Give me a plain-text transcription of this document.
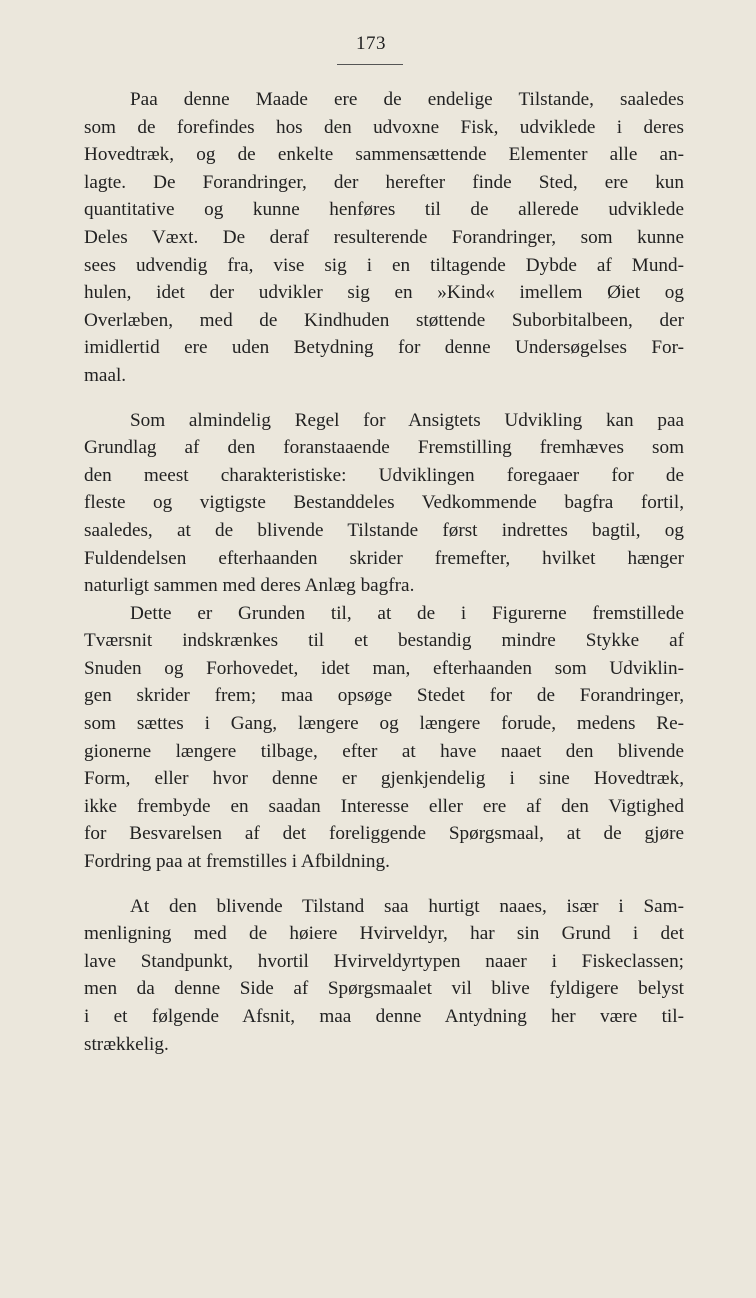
173
Paa denne Maade ere de endelige Tilstande, saaledes
som de forefindes hos den udvoxne Fisk, udviklede i deres
Hovedtræk, og de enkelte sammensættende Elementer alle an-
lagte. De Forandringer, der herefter finde Sted, ere kun
quantitative og kunne henføres til de allerede udviklede
Deles Væxt. De deraf resulterende Forandringer, som kunne
sees udvendig fra, vise sig i en tiltagende Dybde af Mund-
hulen, idet der udvikler sig en »Kind« imellem Øiet og
Overlæben, med de Kindhuden støttende Suborbitalbeen, der
imidlertid ere uden Betydning for denne Undersøgelses For-
maal.
Som almindelig Regel for Ansigtets Udvikling kan paa
Grundlag af den foranstaaende Fremstilling fremhæves som
den meest charakteristiske: Udviklingen foregaaer for de
fleste og vigtigste Bestanddeles Vedkommende bagfra fortil,
saaledes, at de blivende Tilstande først indrettes bagtil, og
Fuldendelsen efterhaanden skrider fremefter, hvilket hænger
naturligt sammen med deres Anlæg bagfra.
Dette er Grunden til, at de i Figurerne fremstillede
Tværsnit indskrænkes til et bestandig mindre Stykke af
Snuden og Forhovedet, idet man, efterhaanden som Udviklin-
gen skrider frem; maa opsøge Stedet for de Forandringer,
som sættes i Gang, længere og længere forude, medens Re-
gionerne længere tilbage, efter at have naaet den blivende
Form, eller hvor denne er gjenkjendelig i sine Hovedtræk,
ikke frembyde en saadan Interesse eller ere af den Vigtighed
for Besvarelsen af det foreliggende Spørgsmaal, at de gjøre
Fordring paa at fremstilles i Afbildning.
At den blivende Tilstand saa hurtigt naaes, især i Sam-
menligning med de høiere Hvirveldyr, har sin Grund i det
lave Standpunkt, hvortil Hvirveldyrtypen naaer i Fiskeclassen;
men da denne Side af Spørgsmaalet vil blive fyldigere belyst
i et følgende Afsnit, maa denne Antydning her være til-
strækkelig.
